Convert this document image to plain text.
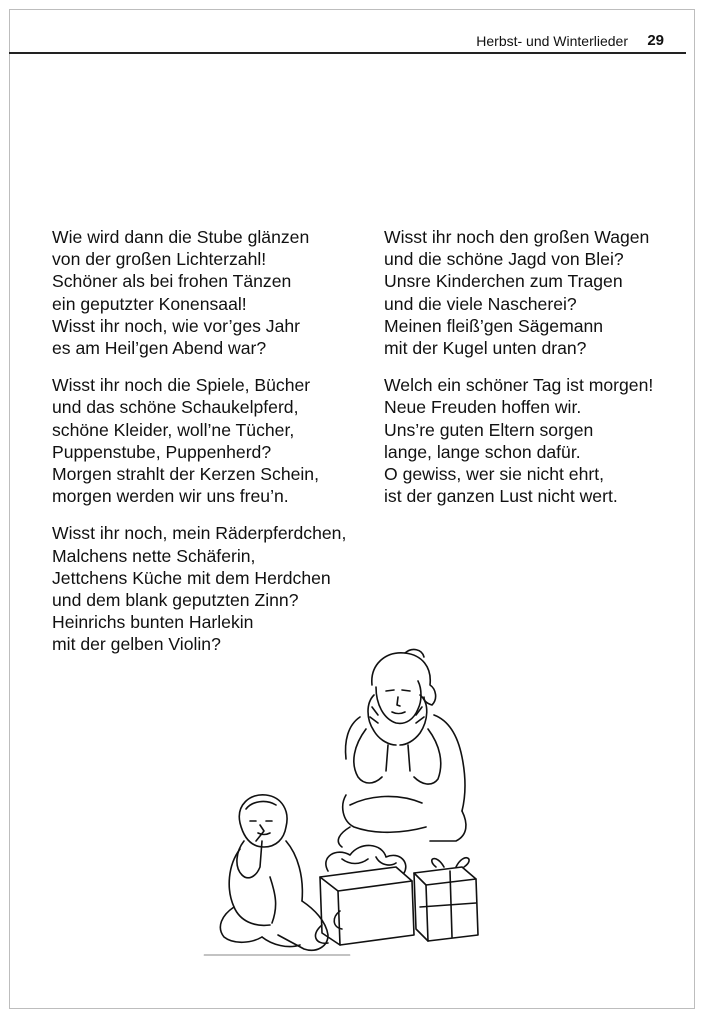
Herbst- und Winterlieder 29
Wie wird dann die Stube glänzen
von der großen Lichterzahl!
Schöner als bei frohen Tänzen
ein geputzter Konensaal!
Wisst ihr noch, wie vor’ges Jahr
es am Heil’gen Abend war?
Wisst ihr noch die Spiele, Bücher
und das schöne Schaukelpferd,
schöne Kleider, woll’ne Tücher,
Puppenstube, Puppenherd?
Morgen strahlt der Kerzen Schein,
morgen werden wir uns freu’n.
Wisst ihr noch, mein Räderpferdchen,
Malchens nette Schäferin,
Jettchens Küche mit dem Herdchen
und dem blank geputzten Zinn?
Heinrichs bunten Harlekin
mit der gelben Violin?
Wisst ihr noch den großen Wagen
und die schöne Jagd von Blei?
Unsre Kinderchen zum Tragen
und die viele Nascherei?
Meinen fleiß’gen Sägemann
mit der Kugel unten dran?
Welch ein schöner Tag ist morgen!
Neue Freuden hoffen wir.
Uns’re guten Eltern sorgen
lange, lange schon dafür.
O gewiss, wer sie nicht ehrt,
ist der ganzen Lust nicht wert.
